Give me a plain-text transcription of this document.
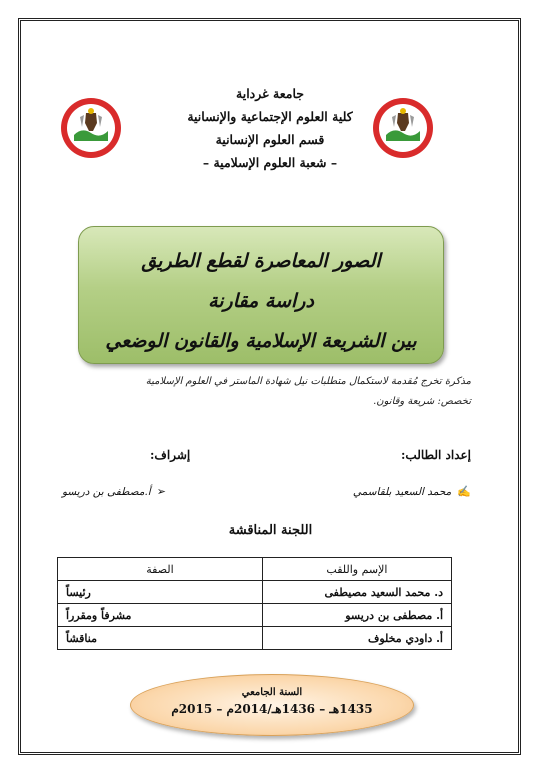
جامعة غرداية
كلية العلوم الإجتماعية والإنسانية
قسم العلوم الإنسانية
– شعبة العلوم الإسلامية –
الصور المعاصرة لقطع الطريق
دراسة مقارنة
بين الشريعة الإسلامية والقانون الوضعي
مذكرة تخرج مُقدمة لاستكمال متطلبات نيل شهادة الماستر في العلوم الإسلامية
تخصص: شريعة وقانون.
إعداد الطالب:
إشراف:
✍
محمد السعيد بلقاسمي
➢
أ.مصطفى بن دريسو
اللجنة المناقشة
الإسم واللقب	الصفة
د. محمد السعيد مصيطفى	رئيساً
أ. مصطفى بن دريسو	مشرفاً ومقرراً
أ. داودي مخلوف	مناقشاً
السنة الجامعي
1435هـ – 1436هـ/2014م – 2015م
